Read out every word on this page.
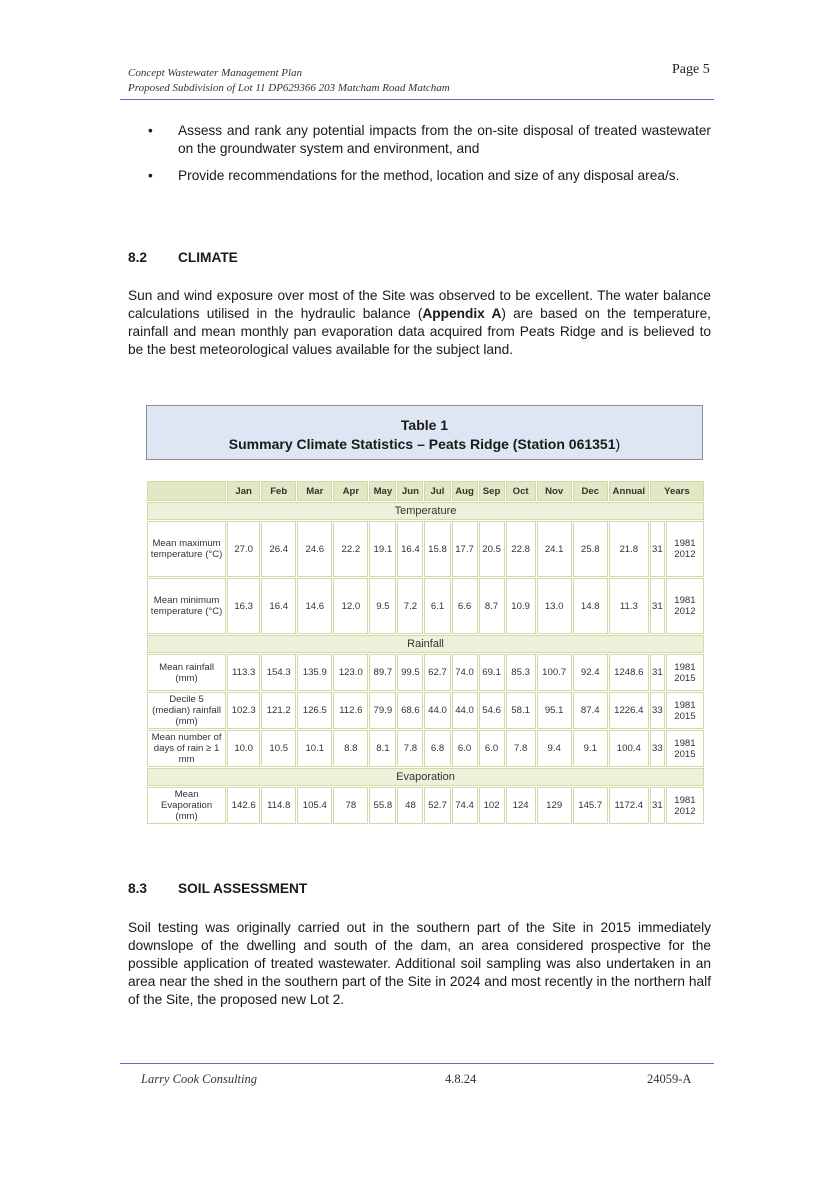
Concept Wastewater Management Plan
Proposed Subdivision of Lot 11 DP629366 203 Matcham Road Matcham
Page 5
• Assess and rank any potential impacts from the on-site disposal of treated wastewater on the groundwater system and environment, and
• Provide recommendations for the method, location and size of any disposal area/s.
8.2 CLIMATE
Sun and wind exposure over most of the Site was observed to be excellent. The water balance calculations utilised in the hydraulic balance (Appendix A) are based on the temperature, rainfall and mean monthly pan evaporation data acquired from Peats Ridge and is believed to be the best meteorological values available for the subject land.
Table 1
Summary Climate Statistics – Peats Ridge (Station 061351)
	Jan	Feb	Mar	Apr	May	Jun	Jul	Aug	Sep	Oct	Nov	Dec	Annual	Years	
Temperature															
Mean maximum temperature (°C)	27.0	26.4	24.6	22.2	19.1	16.4	15.8	17.7	20.5	22.8	24.1	25.8	21.8	31	1981 2012
Mean minimum temperature (°C)	16.3	16.4	14.6	12.0	9.5	7.2	6.1	6.6	8.7	10.9	13.0	14.8	11.3	31	1981 2012
Rainfall															
Mean rainfall (mm)	113.3	154.3	135.9	123.0	89.7	99.5	62.7	74.0	69.1	85.3	100.7	92.4	1248.6	31	1981 2015
Decile 5 (median) rainfall (mm)	102.3	121.2	126.5	112.6	79.9	68.6	44.0	44.0	54.6	58.1	95.1	87.4	1226.4	33	1981 2015
Mean number of days of rain ≥ 1 mm	10.0	10.5	10.1	8.8	8.1	7.8	6.8	6.0	6.0	7.8	9.4	9.1	100.4	33	1981 2015
Evaporation															
Mean Evaporation (mm)	142.6	114.8	105.4	78	55.8	48	52.7	74.4	102	124	129	145.7	1172.4	31	1981 2012
8.3 SOIL ASSESSMENT
Soil testing was originally carried out in the southern part of the Site in 2015 immediately downslope of the dwelling and south of the dam, an area considered prospective for the possible application of treated wastewater. Additional soil sampling was also undertaken in an area near the shed in the southern part of the Site in 2024 and most recently in the northern half of the Site, the proposed new Lot 2.
Larry Cook Consulting	4.8.24	24059-A
